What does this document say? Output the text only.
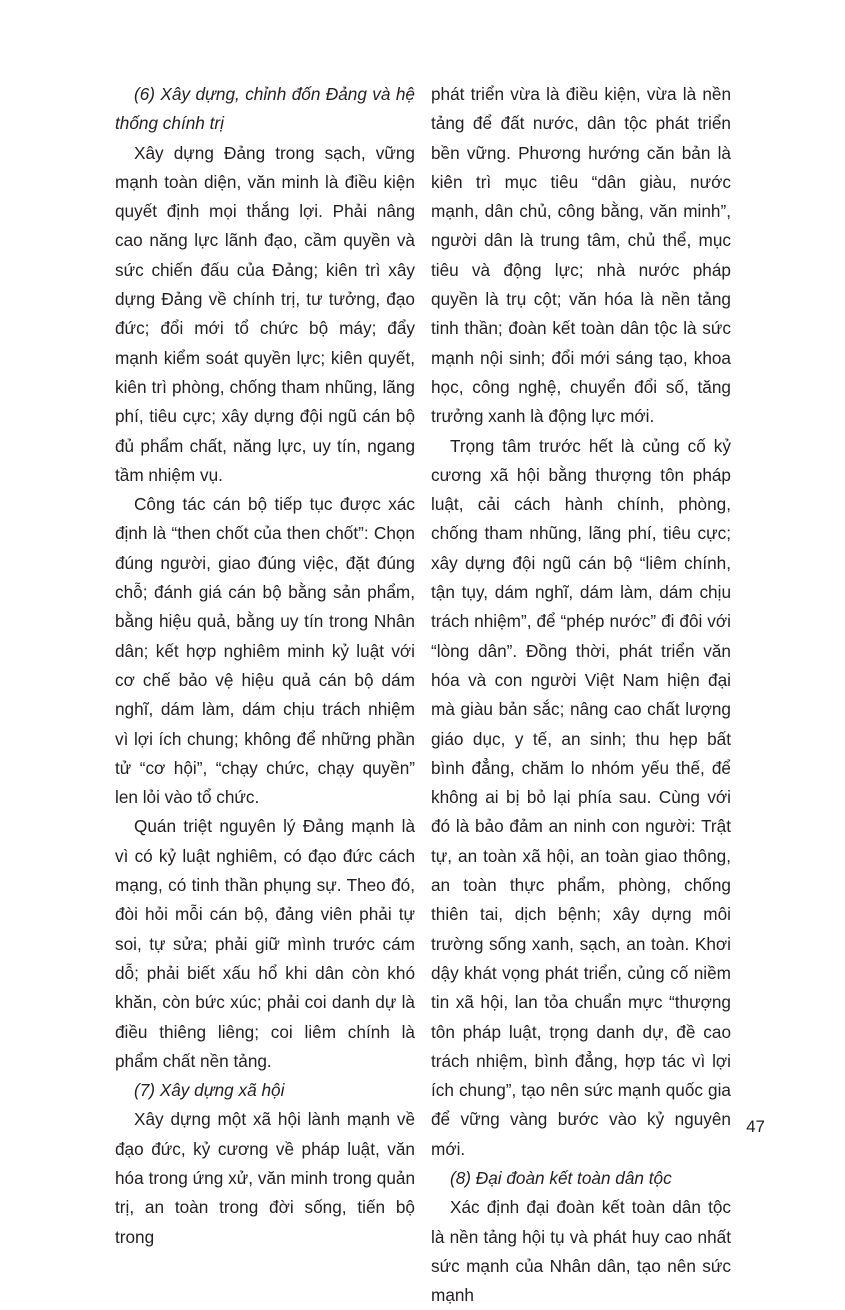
(6) Xây dựng, chỉnh đốn Đảng và hệ thống chính trị

Xây dựng Đảng trong sạch, vững mạnh toàn diện, văn minh là điều kiện quyết định mọi thắng lợi. Phải nâng cao năng lực lãnh đạo, cầm quyền và sức chiến đấu của Đảng; kiên trì xây dựng Đảng về chính trị, tư tưởng, đạo đức; đổi mới tổ chức bộ máy; đẩy mạnh kiểm soát quyền lực; kiên quyết, kiên trì phòng, chống tham nhũng, lãng phí, tiêu cực; xây dựng đội ngũ cán bộ đủ phẩm chất, năng lực, uy tín, ngang tầm nhiệm vụ.

Công tác cán bộ tiếp tục được xác định là “then chốt của then chốt”: Chọn đúng người, giao đúng việc, đặt đúng chỗ; đánh giá cán bộ bằng sản phẩm, bằng hiệu quả, bằng uy tín trong Nhân dân; kết hợp nghiêm minh kỷ luật với cơ chế bảo vệ hiệu quả cán bộ dám nghĩ, dám làm, dám chịu trách nhiệm vì lợi ích chung; không để những phần tử “cơ hội”, “chạy chức, chạy quyền” len lỏi vào tổ chức.

Quán triệt nguyên lý Đảng mạnh là vì có kỷ luật nghiêm, có đạo đức cách mạng, có tinh thần phụng sự. Theo đó, đòi hỏi mỗi cán bộ, đảng viên phải tự soi, tự sửa; phải giữ mình trước cám dỗ; phải biết xấu hổ khi dân còn khó khăn, còn bức xúc; phải coi danh dự là điều thiêng liêng; coi liêm chính là phẩm chất nền tảng.

(7) Xây dựng xã hội

Xây dựng một xã hội lành mạnh về đạo đức, kỷ cương về pháp luật, văn hóa trong ứng xử, văn minh trong quản trị, an toàn trong đời sống, tiến bộ trong

phát triển vừa là điều kiện, vừa là nền tảng để đất nước, dân tộc phát triển bền vững. Phương hướng căn bản là kiên trì mục tiêu “dân giàu, nước mạnh, dân chủ, công bằng, văn minh”, người dân là trung tâm, chủ thể, mục tiêu và động lực; nhà nước pháp quyền là trụ cột; văn hóa là nền tảng tinh thần; đoàn kết toàn dân tộc là sức mạnh nội sinh; đổi mới sáng tạo, khoa học, công nghệ, chuyển đổi số, tăng trưởng xanh là động lực mới.

Trọng tâm trước hết là củng cố kỷ cương xã hội bằng thượng tôn pháp luật, cải cách hành chính, phòng, chống tham nhũng, lãng phí, tiêu cực; xây dựng đội ngũ cán bộ “liêm chính, tận tụy, dám nghĩ, dám làm, dám chịu trách nhiệm”, để “phép nước” đi đôi với “lòng dân”. Đồng thời, phát triển văn hóa và con người Việt Nam hiện đại mà giàu bản sắc; nâng cao chất lượng giáo dục, y tế, an sinh; thu hẹp bất bình đẳng, chăm lo nhóm yếu thế, để không ai bị bỏ lại phía sau. Cùng với đó là bảo đảm an ninh con người: Trật tự, an toàn xã hội, an toàn giao thông, an toàn thực phẩm, phòng, chống thiên tai, dịch bệnh; xây dựng môi trường sống xanh, sạch, an toàn. Khơi dậy khát vọng phát triển, củng cố niềm tin xã hội, lan tỏa chuẩn mực “thượng tôn pháp luật, trọng danh dự, đề cao trách nhiệm, bình đẳng, hợp tác vì lợi ích chung”, tạo nên sức mạnh quốc gia để vững vàng bước vào kỷ nguyên mới.

(8) Đại đoàn kết toàn dân tộc

Xác định đại đoàn kết toàn dân tộc là nền tảng hội tụ và phát huy cao nhất sức mạnh của Nhân dân, tạo nên sức mạnh

47
